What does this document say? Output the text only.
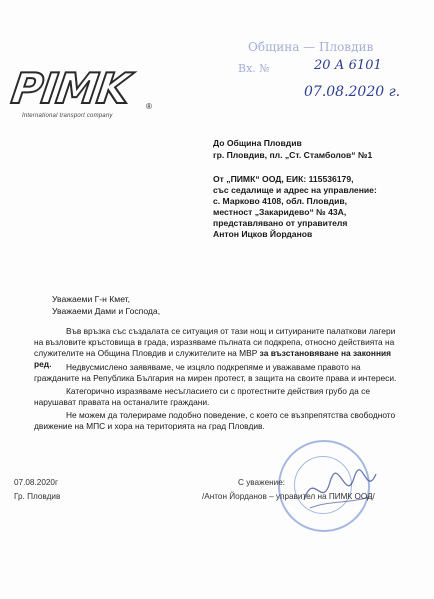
PIMK ®
International transport company
Община — Пловдив
Вх. №	20 А 6101
07.08.2020 г.
До Община Пловдив
гр. Пловдив, пл. „Ст. Стамболов“ №1
От „ПИМК“ ООД, ЕИК: 115536179,
със седалище и адрес на управление:
с. Марково 4108, обл. Пловдив,
местност „Закаридево“ № 43А,
представлявано от управителя
Антон Ицков Йорданов
Уважаеми Г-н Кмет,
Уважаеми Дами и Господа,
Във връзка със създалата се ситуация от тази нощ и ситуираните палаткови лагери на възловите кръстовища в града, изразяваме пълната си подкрепа, относно действията на служителите на Община Пловдив и служителите на МВР за възстановяване на законния ред.	Недвусмислено заявяваме, че изцяло подкрепяме и уважаваме правото на гражданите на Република България на мирен протест, в защита на своите права и интереси.
Категорично изразяваме несъгласието си с протестните действия грубо да се нарушават правата на останалите граждани.
Не можем да толерираме подобно поведение, с което се възпрепятства свободното движение на МПС и хора на територията на град Пловдив.
07.08.2020г
Гр. Пловдив
С уважение:
/Антон Йорданов – управител на ПИМК ООД/
